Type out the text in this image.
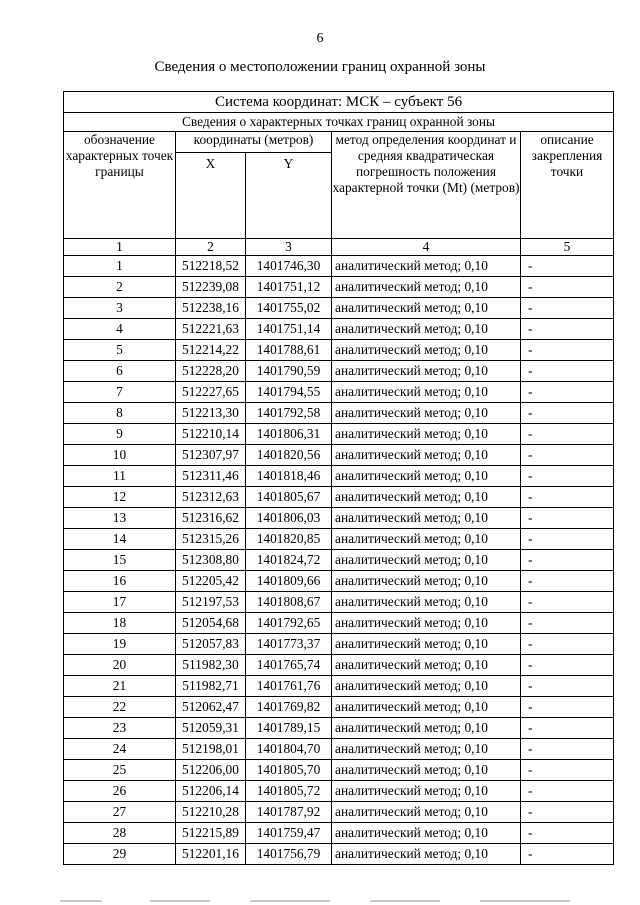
6
Сведения о местоположении границ охранной зоны
Система координат: МСК – субъект 56				
Сведения о характерных точках границ охранной зоны				
обозначение характерных точек границы	координаты (метров)		метод определения координат и средняя квадратическая погрешность положения характерной точки (Mt) (метров)	описание закрепления точки
	X	Y		
1	2	3	4	5
1	512218,52	1401746,30	аналитический метод; 0,10	-
2	512239,08	1401751,12	аналитический метод; 0,10	-
3	512238,16	1401755,02	аналитический метод; 0,10	-
4	512221,63	1401751,14	аналитический метод; 0,10	-
5	512214,22	1401788,61	аналитический метод; 0,10	-
6	512228,20	1401790,59	аналитический метод; 0,10	-
7	512227,65	1401794,55	аналитический метод; 0,10	-
8	512213,30	1401792,58	аналитический метод; 0,10	-
9	512210,14	1401806,31	аналитический метод; 0,10	-
10	512307,97	1401820,56	аналитический метод; 0,10	-
11	512311,46	1401818,46	аналитический метод; 0,10	-
12	512312,63	1401805,67	аналитический метод; 0,10	-
13	512316,62	1401806,03	аналитический метод; 0,10	-
14	512315,26	1401820,85	аналитический метод; 0,10	-
15	512308,80	1401824,72	аналитический метод; 0,10	-
16	512205,42	1401809,66	аналитический метод; 0,10	-
17	512197,53	1401808,67	аналитический метод; 0,10	-
18	512054,68	1401792,65	аналитический метод; 0,10	-
19	512057,83	1401773,37	аналитический метод; 0,10	-
20	511982,30	1401765,74	аналитический метод; 0,10	-
21	511982,71	1401761,76	аналитический метод; 0,10	-
22	512062,47	1401769,82	аналитический метод; 0,10	-
23	512059,31	1401789,15	аналитический метод; 0,10	-
24	512198,01	1401804,70	аналитический метод; 0,10	-
25	512206,00	1401805,70	аналитический метод; 0,10	-
26	512206,14	1401805,72	аналитический метод; 0,10	-
27	512210,28	1401787,92	аналитический метод; 0,10	-
28	512215,89	1401759,47	аналитический метод; 0,10	-
29	512201,16	1401756,79	аналитический метод; 0,10	-
